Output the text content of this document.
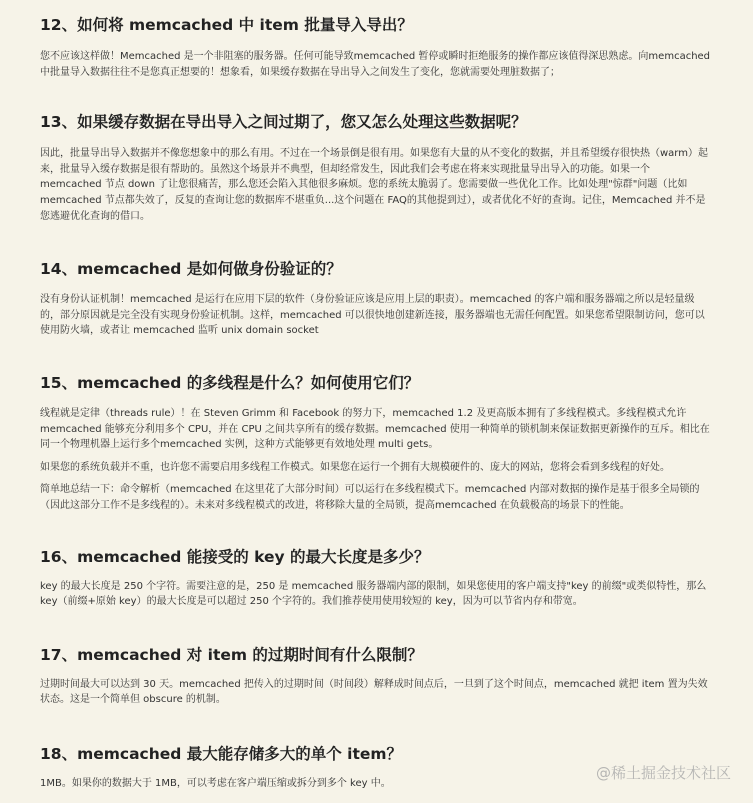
12、如何将 memcached 中 item 批量导入导出？

您不应该这样做！Memcached 是一个非阻塞的服务器。任何可能导致memcached 暂停或瞬时拒绝服务的操作都应该值得深思熟虑。向memcached中批量导入数据往往不是您真正想要的！想象看，如果缓存数据在导出导入之间发生了变化，您就需要处理脏数据了；

13、如果缓存数据在导出导入之间过期了，您又怎么处理这些数据呢？

因此，批量导出导入数据并不像您想象中的那么有用。不过在一个场景倒是很有用。如果您有大量的从不变化的数据，并且希望缓存很快热（warm）起来，批量导入缓存数据是很有帮助的。虽然这个场景并不典型，但却经常发生，因此我们会考虑在将来实现批量导出导入的功能。如果一个 memcached 节点 down 了让您很痛苦，那么您还会陷入其他很多麻烦。您的系统太脆弱了。您需要做一些优化工作。比如处理"惊群"问题（比如memcached 节点都失效了，反复的查询让您的数据库不堪重负...这个问题在 FAQ的其他提到过），或者优化不好的查询。记住，Memcached 并不是您逃避优化查询的借口。

14、memcached 是如何做身份验证的？

没有身份认证机制！memcached 是运行在应用下层的软件（身份验证应该是应用上层的职责）。memcached 的客户端和服务器端之所以是轻量级的，部分原因就是完全没有实现身份验证机制。这样，memcached 可以很快地创建新连接，服务器端也无需任何配置。如果您希望限制访问，您可以使用防火墙，或者让 memcached 监听 unix domain socket

15、memcached 的多线程是什么？如何使用它们？

线程就是定律（threads rule）！在 Steven Grimm 和 Facebook 的努力下，memcached 1.2 及更高版本拥有了多线程模式。多线程模式允许 memcached 能够充分利用多个 CPU，并在 CPU 之间共享所有的缓存数据。memcached 使用一种简单的锁机制来保证数据更新操作的互斥。相比在同一个物理机器上运行多个memcached 实例，这种方式能够更有效地处理 multi gets。

如果您的系统负载并不重，也许您不需要启用多线程工作模式。如果您在运行一个拥有大规模硬件的、庞大的网站，您将会看到多线程的好处。

简单地总结一下：命令解析（memcached 在这里花了大部分时间）可以运行在多线程模式下。memcached 内部对数据的操作是基于很多全局锁的（因此这部分工作不是多线程的）。未来对多线程模式的改进，将移除大量的全局锁，提高memcached 在负载极高的场景下的性能。

16、memcached 能接受的 key 的最大长度是多少？

key 的最大长度是 250 个字符。需要注意的是，250 是 memcached 服务器端内部的限制，如果您使用的客户端支持"key 的前缀"或类似特性，那么 key（前缀+原始 key）的最大长度是可以超过 250 个字符的。我们推荐使用使用较短的 key，因为可以节省内存和带宽。

17、memcached 对 item 的过期时间有什么限制？

过期时间最大可以达到 30 天。memcached 把传入的过期时间（时间段）解释成时间点后，一旦到了这个时间点，memcached 就把 item 置为失效状态。这是一个简单但 obscure 的机制。

18、memcached 最大能存储多大的单个 item？

1MB。如果你的数据大于 1MB，可以考虑在客户端压缩或拆分到多个 key 中。

@稀土掘金技术社区
